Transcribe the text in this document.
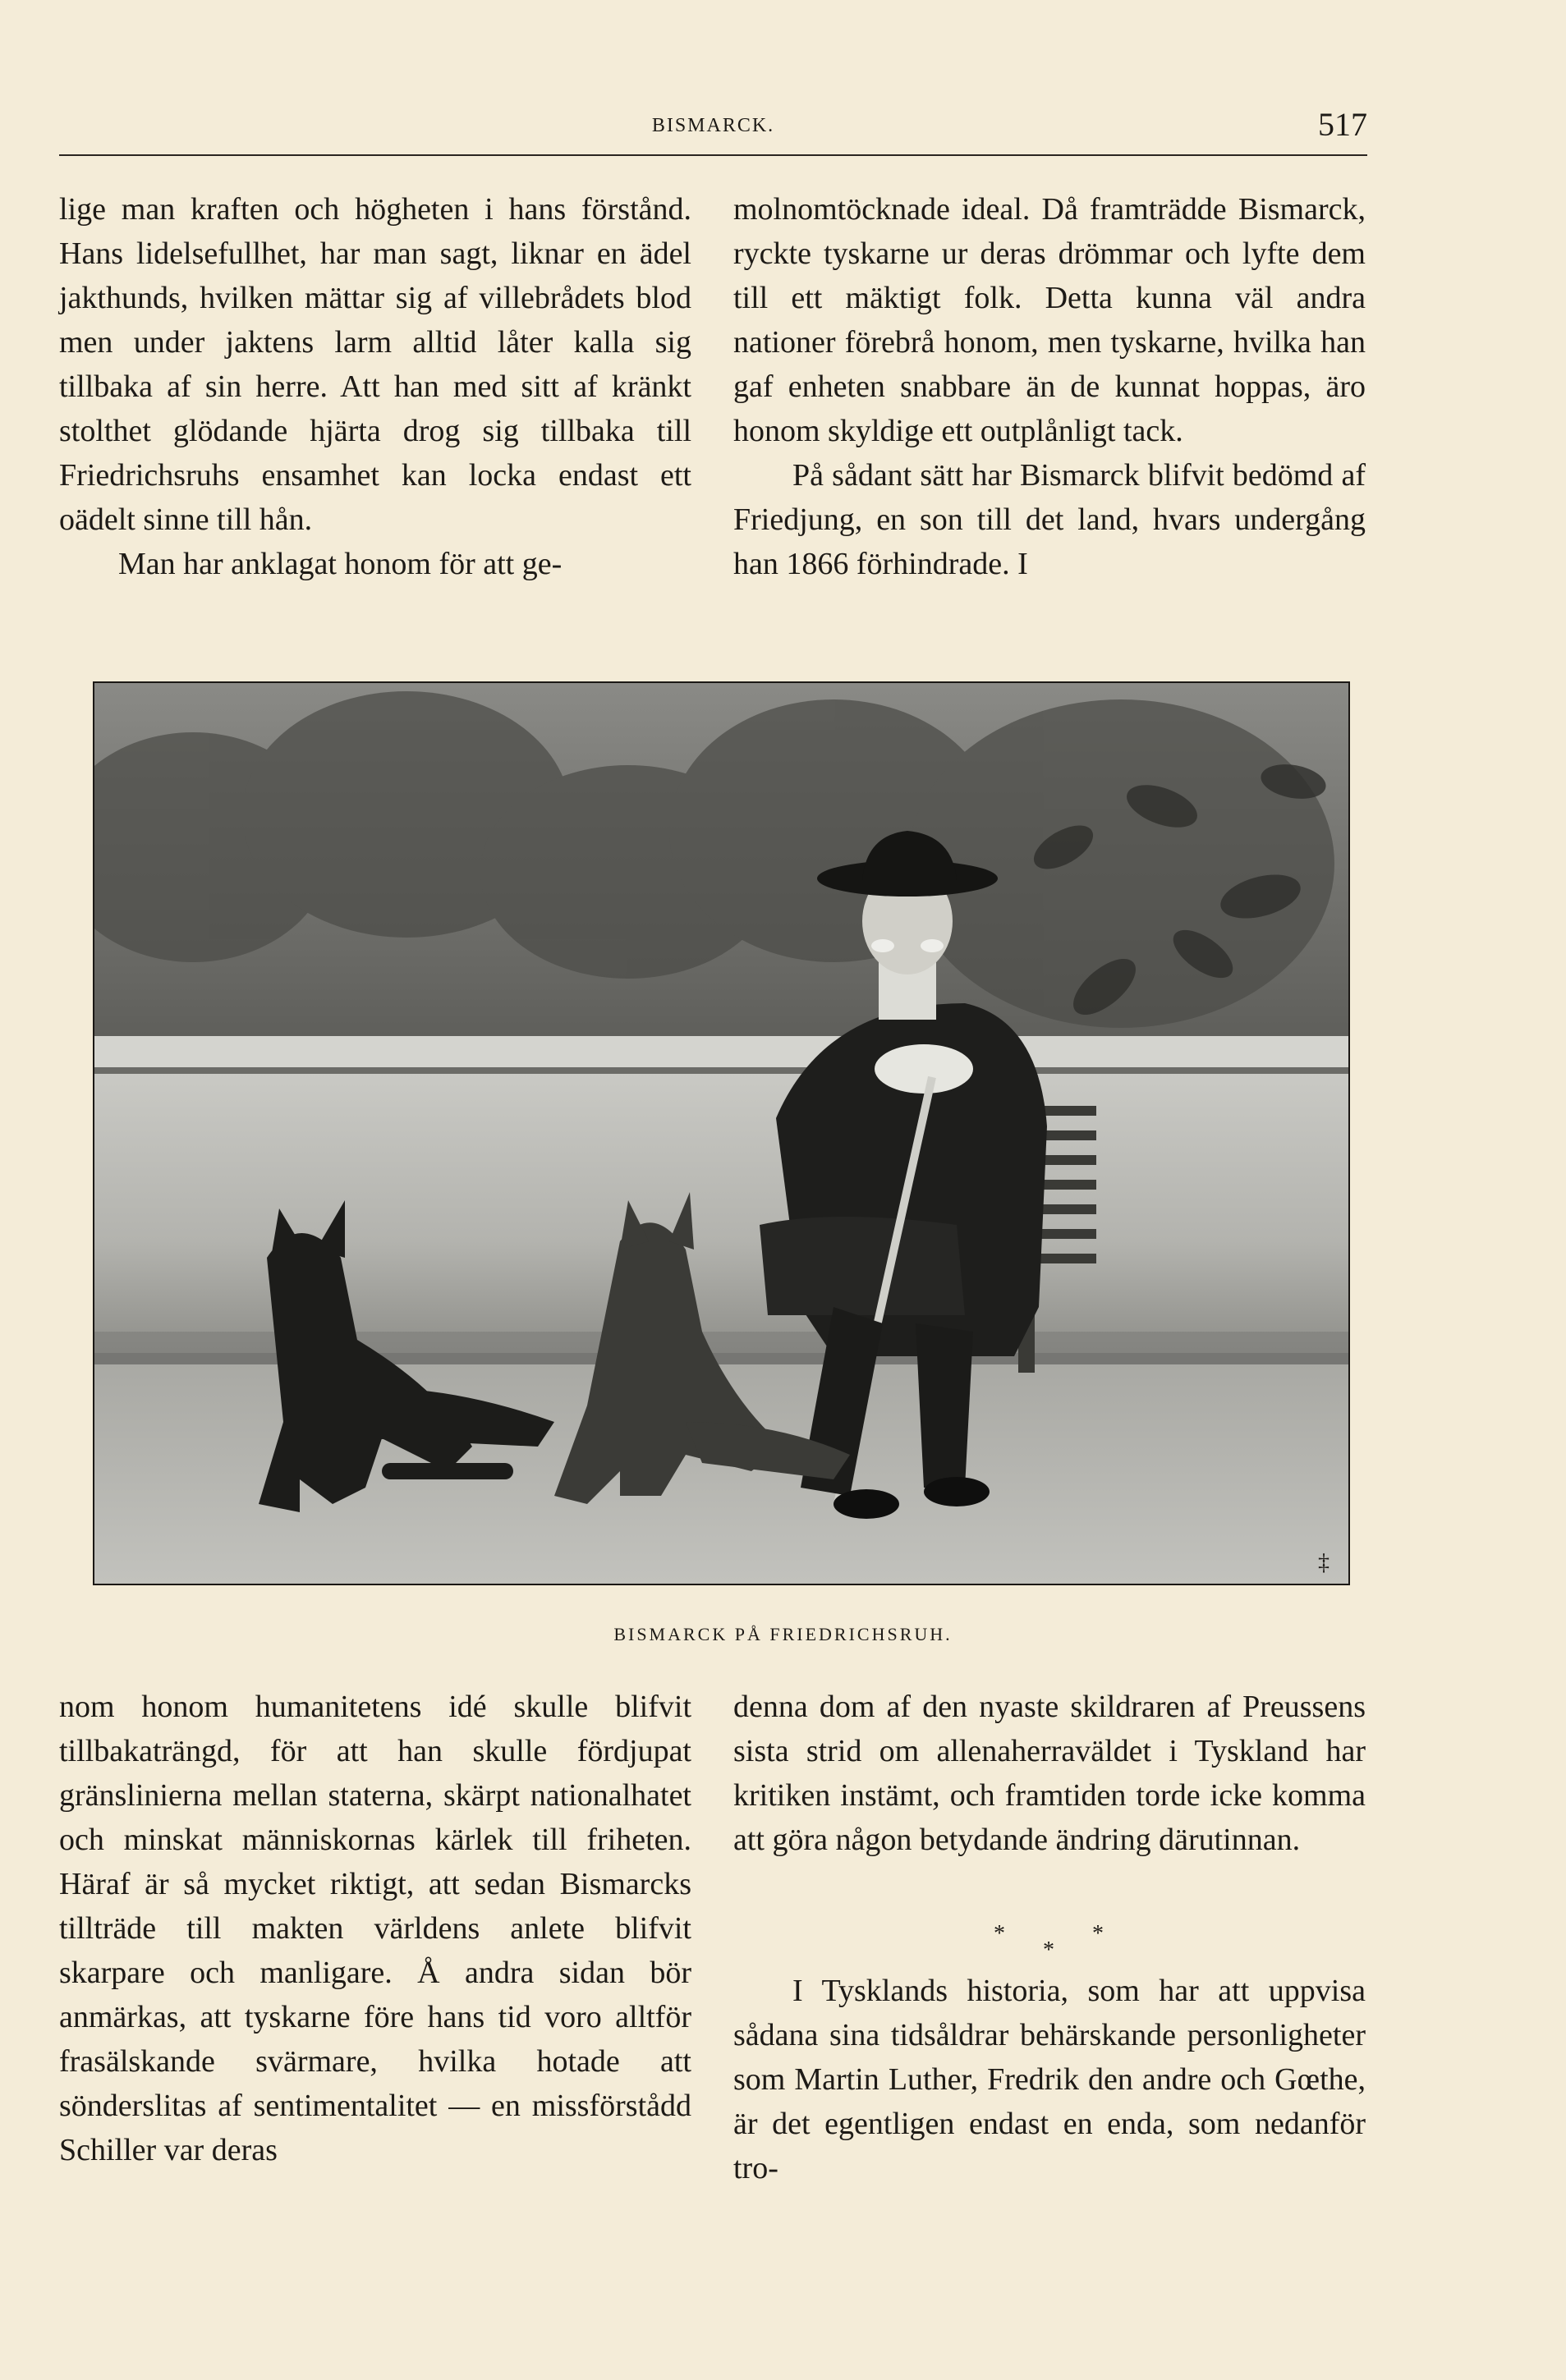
BISMARCK.	517

lige man kraften och högheten i hans förstånd. Hans lidelsefullhet, har man sagt, liknar en ädel jakthunds, hvilken mättar sig af villebrådets blod men under jaktens larm alltid låter kalla sig tillbaka af sin herre. Att han med sitt af kränkt stolthet glödande hjärta drog sig tillbaka till Friedrichsruhs ensamhet kan locka endast ett oädelt sinne till hån.

Man har anklagat honom för att ge-

molnomtöcknade ideal. Då framträdde Bismarck, ryckte tyskarne ur deras drömmar och lyfte dem till ett mäktigt folk. Detta kunna väl andra nationer förebrå honom, men tyskarne, hvilka han gaf enheten snabbare än de kunnat hoppas, äro honom skyldige ett outplånligt tack.

På sådant sätt har Bismarck blifvit bedömd af Friedjung, en son till det land, hvars undergång han 1866 förhindrade. I

‡
BISMARCK PÅ FRIEDRICHSRUH.

nom honom humanitetens idé skulle blifvit tillbakaträngd, för att han skulle fördjupat gränslinierna mellan staterna, skärpt nationalhatet och minskat människornas kärlek till friheten. Häraf är så mycket riktigt, att sedan Bismarcks tillträde till makten världens anlete blifvit skarpare och manligare. Å andra sidan bör anmärkas, att tyskarne före hans tid voro alltför frasälskande svärmare, hvilka hotade att sönderslitas af sentimentalitet — en missförstådd Schiller var deras

denna dom af den nyaste skildraren af Preussens sista strid om allenaherraväldet i Tyskland har kritiken instämt, och framtiden torde icke komma att göra någon betydande ändring därutinnan.

I Tysklands historia, som har att uppvisa sådana sina tidsåldrar behärskande personligheter som Martin Luther, Fredrik den andre och Gœthe, är det egentligen endast en enda, som nedanför tro-

*
*
*
